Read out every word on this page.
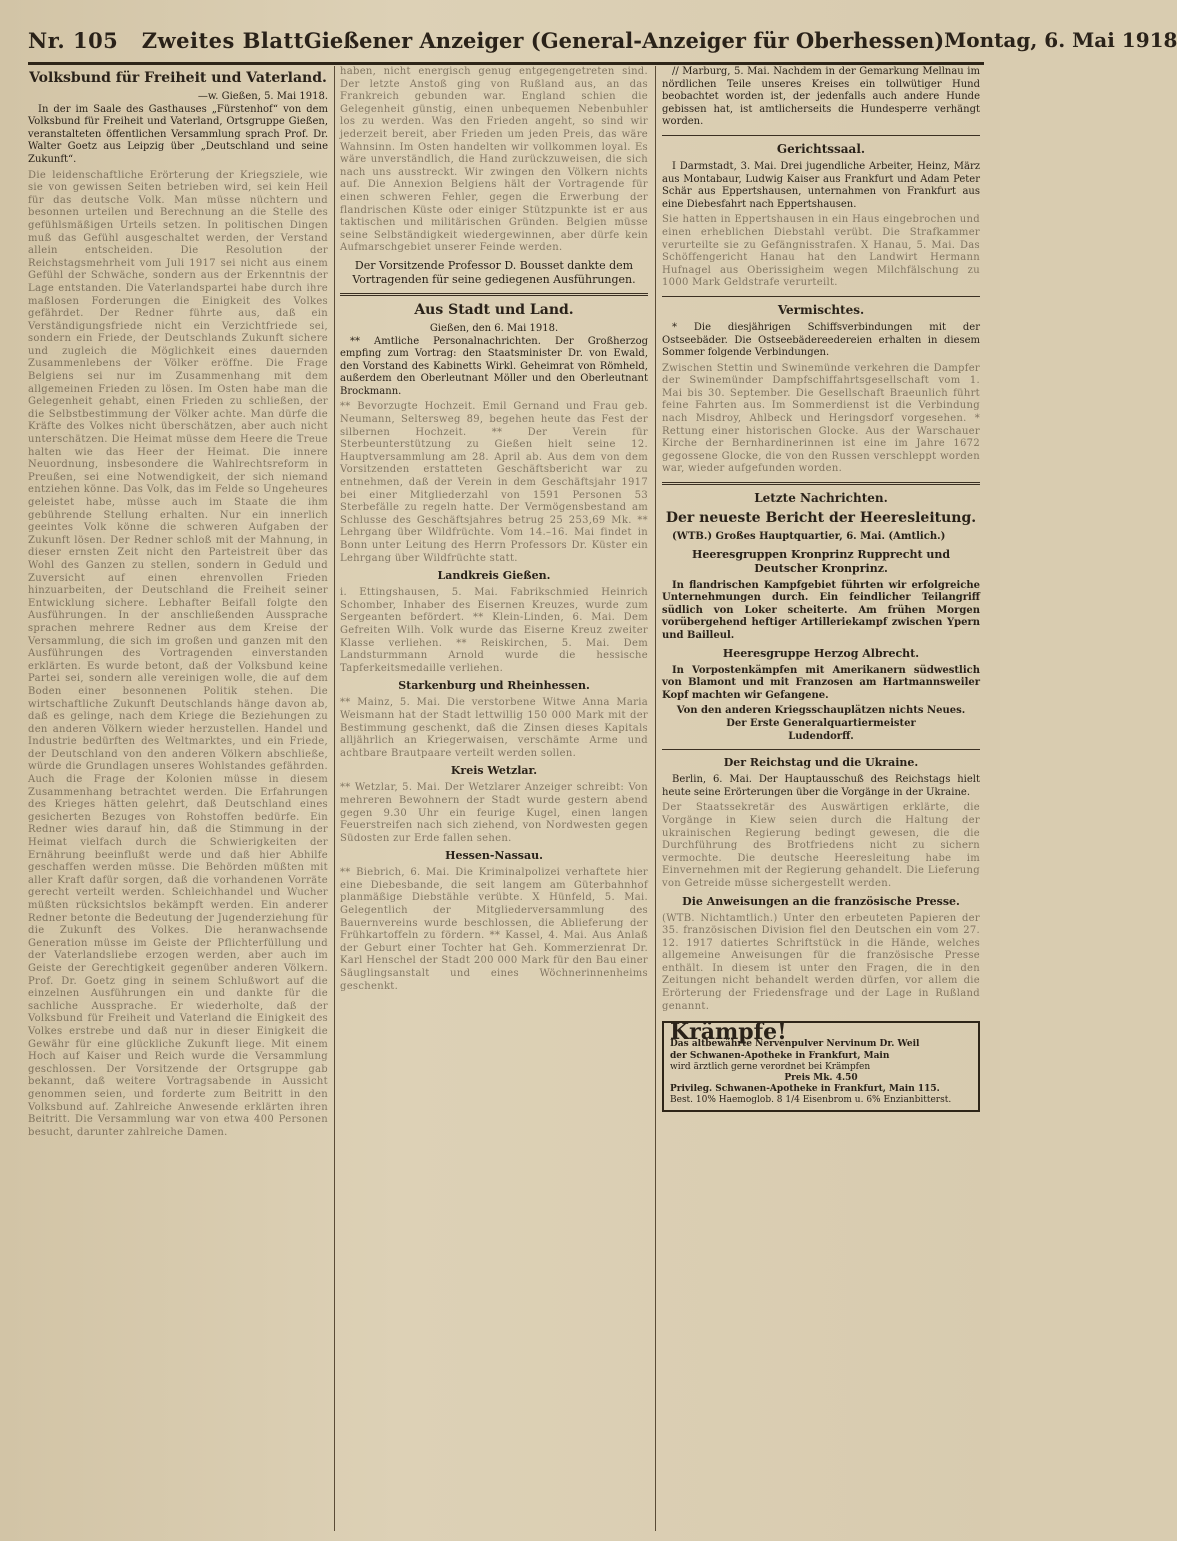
Nr. 105 Zweites Blatt Gießener Anzeiger (General-Anzeiger für Oberhessen) Montag, 6. Mai 1918
Volksbund für Freiheit und Vaterland.
—w. Gießen, 5. Mai 1918.

In der im Saale des Gasthauses „Fürstenhof“ von dem Volksbund für Freiheit und Vaterland, Ortsgruppe Gießen, veranstalteten öffentlichen Versammlung sprach Prof. Dr. Walter Goetz aus Leipzig über „Deutschland und seine Zukunft“.

Die leidenschaftliche Erörterung der Kriegsziele, wie sie von gewissen Seiten betrieben wird, sei kein Heil für das deutsche Volk. Man müsse nüchtern und besonnen urteilen und Berechnung an die Stelle des gefühlsmäßigen Urteils setzen. In politischen Dingen muß das Gefühl ausgeschaltet werden, der Verstand allein entscheiden. Die Resolution der Reichstagsmehrheit vom Juli 1917 sei nicht aus einem Gefühl der Schwäche, sondern aus der Erkenntnis der Lage entstanden. Die Vaterlandspartei habe durch ihre maßlosen Forderungen die Einigkeit des Volkes gefährdet. Der Redner führte aus, daß ein Verständigungsfriede nicht ein Verzichtfriede sei, sondern ein Friede, der Deutschlands Zukunft sichere und zugleich die Möglichkeit eines dauernden Zusammenlebens der Völker eröffne. Die Frage Belgiens sei nur im Zusammenhang mit dem allgemeinen Frieden zu lösen. Im Osten habe man die Gelegenheit gehabt, einen Frieden zu schließen, der die Selbstbestimmung der Völker achte. Man dürfe die Kräfte des Volkes nicht überschätzen, aber auch nicht unterschätzen. Die Heimat müsse dem Heere die Treue halten wie das Heer der Heimat. Die innere Neuordnung, insbesondere die Wahlrechtsreform in Preußen, sei eine Notwendigkeit, der sich niemand entziehen könne. Das Volk, das im Felde so Ungeheures geleistet habe, müsse auch im Staate die ihm gebührende Stellung erhalten. Nur ein innerlich geeintes Volk könne die schweren Aufgaben der Zukunft lösen. Der Redner schloß mit der Mahnung, in dieser ernsten Zeit nicht den Parteistreit über das Wohl des Ganzen zu stellen, sondern in Geduld und Zuversicht auf einen ehrenvollen Frieden hinzuarbeiten, der Deutschland die Freiheit seiner Entwicklung sichere. Lebhafter Beifall folgte den Ausführungen. In der anschließenden Aussprache sprachen mehrere Redner aus dem Kreise der Versammlung, die sich im großen und ganzen mit den Ausführungen des Vortragenden einverstanden erklärten. Es wurde betont, daß der Volksbund keine Partei sei, sondern alle vereinigen wolle, die auf dem Boden einer besonnenen Politik stehen. Die wirtschaftliche Zukunft Deutschlands hänge davon ab, daß es gelinge, nach dem Kriege die Beziehungen zu den anderen Völkern wieder herzustellen. Handel und Industrie bedürften des Weltmarktes, und ein Friede, der Deutschland von den anderen Völkern abschließe, würde die Grundlagen unseres Wohlstandes gefährden. Auch die Frage der Kolonien müsse in diesem Zusammenhang betrachtet werden. Die Erfahrungen des Krieges hätten gelehrt, daß Deutschland eines gesicherten Bezuges von Rohstoffen bedürfe. Ein Redner wies darauf hin, daß die Stimmung in der Heimat vielfach durch die Schwierigkeiten der Ernährung beeinflußt werde und daß hier Abhilfe geschaffen werden müsse. Die Behörden müßten mit aller Kraft dafür sorgen, daß die vorhandenen Vorräte gerecht verteilt werden. Schleichhandel und Wucher müßten rücksichtslos bekämpft werden. Ein anderer Redner betonte die Bedeutung der Jugenderziehung für die Zukunft des Volkes. Die heranwachsende Generation müsse im Geiste der Pflichterfüllung und der Vaterlandsliebe erzogen werden, aber auch im Geiste der Gerechtigkeit gegenüber anderen Völkern. Prof. Dr. Goetz ging in seinem Schlußwort auf die einzelnen Ausführungen ein und dankte für die sachliche Aussprache. Er wiederholte, daß der Volksbund für Freiheit und Vaterland die Einigkeit des Volkes erstrebe und daß nur in dieser Einigkeit die Gewähr für eine glückliche Zukunft liege. Mit einem Hoch auf Kaiser und Reich wurde die Versammlung geschlossen. Der Vorsitzende der Ortsgruppe gab bekannt, daß weitere Vortragsabende in Aussicht genommen seien, und forderte zum Beitritt in den Volksbund auf. Zahlreiche Anwesende erklärten ihren Beitritt. Die Versammlung war von etwa 400 Personen besucht, darunter zahlreiche Damen.
haben, nicht energisch genug entgegengetreten sind. Der letzte Anstoß ging von Rußland aus, an das Frankreich gebunden war. England schien die Gelegenheit günstig, einen unbequemen Nebenbuhler los zu werden. Was den Frieden angeht, so sind wir jederzeit bereit, aber Frieden um jeden Preis, das wäre Wahnsinn. Im Osten handelten wir vollkommen loyal. Es wäre unverständlich, die Hand zurückzuweisen, die sich nach uns ausstreckt. Wir zwingen den Völkern nichts auf. Die Annexion Belgiens hält der Vortragende für einen schweren Fehler, gegen die Erwerbung der flandrischen Küste oder einiger Stützpunkte ist er aus taktischen und militärischen Gründen. Belgien müsse seine Selbständigkeit wiedergewinnen, aber dürfe kein Aufmarschgebiet unserer Feinde werden.
Der Vorsitzende Professor D. Bousset dankte dem Vortragenden für seine gediegenen Ausführungen.
Aus Stadt und Land.
Gießen, den 6. Mai 1918.

** Amtliche Personalnachrichten. Der Großherzog empfing zum Vortrag: den Staatsminister Dr. von Ewald, den Vorstand des Kabinetts Wirkl. Geheimrat von Römheld, außerdem den Oberleutnant Möller und den Oberleutnant Brockmann.

** Bevorzugte Hochzeit. Emil Gernand und Frau geb. Neumann, Seltersweg 89, begehen heute das Fest der silbernen Hochzeit. ** Der Verein für Sterbeunterstützung zu Gießen hielt seine 12. Hauptversammlung am 28. April ab. Aus dem von dem Vorsitzenden erstatteten Geschäftsbericht war zu entnehmen, daß der Verein in dem Geschäftsjahr 1917 bei einer Mitgliederzahl von 1591 Personen 53 Sterbefälle zu regeln hatte. Der Vermögensbestand am Schlusse des Geschäftsjahres betrug 25 253,69 Mk. ** Lehrgang über Wildfrüchte. Vom 14.–16. Mai findet in Bonn unter Leitung des Herrn Professors Dr. Küster ein Lehrgang über Wildfrüchte statt.
Landkreis Gießen.
i. Ettingshausen, 5. Mai. Fabrikschmied Heinrich Schomber, Inhaber des Eisernen Kreuzes, wurde zum Sergeanten befördert. ** Klein-Linden, 6. Mai. Dem Gefreiten Wilh. Volk wurde das Eiserne Kreuz zweiter Klasse verliehen. ** Reiskirchen, 5. Mai. Dem Landsturmmann Arnold wurde die hessische Tapferkeitsmedaille verliehen.
Starkenburg und Rheinhessen.
** Mainz, 5. Mai. Die verstorbene Witwe Anna Maria Weismann hat der Stadt lettwillig 150 000 Mark mit der Bestimmung geschenkt, daß die Zinsen dieses Kapitals alljährlich an Kriegerwaisen, verschämte Arme und achtbare Brautpaare verteilt werden sollen.
Kreis Wetzlar.
** Wetzlar, 5. Mai. Der Wetzlarer Anzeiger schreibt: Von mehreren Bewohnern der Stadt wurde gestern abend gegen 9.30 Uhr ein feurige Kugel, einen langen Feuerstreifen nach sich ziehend, von Nordwesten gegen Südosten zur Erde fallen sehen.
Hessen-Nassau.
** Biebrich, 6. Mai. Die Kriminalpolizei verhaftete hier eine Diebesbande, die seit langem am Güterbahnhof planmäßige Diebstähle verübte. X Hünfeld, 5. Mai. Gelegentlich der Mitgliederversammlung des Bauernvereins wurde beschlossen, die Ablieferung der Frühkartoffeln zu fördern. ** Kassel, 4. Mai. Aus Anlaß der Geburt einer Tochter hat Geh. Kommerzienrat Dr. Karl Henschel der Stadt 200 000 Mark für den Bau einer Säuglingsanstalt und eines Wöchnerinnenheims geschenkt.

// Marburg, 5. Mai. Nachdem in der Gemarkung Mellnau im nördlichen Teile unseres Kreises ein tollwütiger Hund beobachtet worden ist, der jedenfalls auch andere Hunde gebissen hat, ist amtlicherseits die Hundesperre verhängt worden.

Gerichtssaal.

I Darmstadt, 3. Mai. Drei jugendliche Arbeiter, Heinz, März aus Montabaur, Ludwig Kaiser aus Frankfurt und Adam Peter Schär aus Eppertshausen, unternahmen von Frankfurt aus eine Diebesfahrt nach Eppertshausen.

Sie hatten in Eppertshausen in ein Haus eingebrochen und einen erheblichen Diebstahl verübt. Die Strafkammer verurteilte sie zu Gefängnisstrafen. X Hanau, 5. Mai. Das Schöffengericht Hanau hat den Landwirt Hermann Hufnagel aus Oberissigheim wegen Milchfälschung zu 1000 Mark Geldstrafe verurteilt.
Vermischtes.

* Die diesjährigen Schiffsverbindungen mit der Ostseebäder. Die Ostseebädereedereien erhalten in diesem Sommer folgende Verbindungen.

Zwischen Stettin und Swinemünde verkehren die Dampfer der Swinemünder Dampfschiffahrtsgesellschaft vom 1. Mai bis 30. September. Die Gesellschaft Braeunlich führt feine Fahrten aus. Im Sommerdienst ist die Verbindung nach Misdroy, Ahlbeck und Heringsdorf vorgesehen. * Rettung einer historischen Glocke. Aus der Warschauer Kirche der Bernhardinerinnen ist eine im Jahre 1672 gegossene Glocke, die von den Russen verschleppt worden war, wieder aufgefunden worden.
Letzte Nachrichten.
Der neueste Bericht der Heeresleitung.

(WTB.) Großes Hauptquartier, 6. Mai. (Amtlich.)

Heeresgruppen Kronprinz Rupprecht und Deutscher Kronprinz.

In flandrischen Kampfgebiet führten wir erfolgreiche Unternehmungen durch. Ein feindlicher Teilangriff südlich von Loker scheiterte. Am frühen Morgen vorübergehend heftiger Artilleriekampf zwischen Ypern und Bailleul.

Heeresgruppe Herzog Albrecht.

In Vorpostenkämpfen mit Amerikanern südwestlich von Blamont und mit Franzosen am Hartmannsweiler Kopf machten wir Gefangene.

Von den anderen Kriegsschauplätzen nichts Neues.
Der Erste Generalquartiermeister
Ludendorff.
Der Reichstag und die Ukraine.

Berlin, 6. Mai. Der Hauptausschuß des Reichstags hielt heute seine Erörterungen über die Vorgänge in der Ukraine.

Der Staatssekretär des Auswärtigen erklärte, die Vorgänge in Kiew seien durch die Haltung der ukrainischen Regierung bedingt gewesen, die die Durchführung des Brotfriedens nicht zu sichern vermochte. Die deutsche Heeresleitung habe im Einvernehmen mit der Regierung gehandelt. Die Lieferung von Getreide müsse sichergestellt werden.
Die Anweisungen an die französische Presse.
(WTB. Nichtamtlich.) Unter den erbeuteten Papieren der 35. französischen Division fiel den Deutschen ein vom 27. 12. 1917 datiertes Schriftstück in die Hände, welches allgemeine Anweisungen für die französische Presse enthält. In diesem ist unter den Fragen, die in den Zeitungen nicht behandelt werden dürfen, vor allem die Erörterung der Friedensfrage und der Lage in Rußland genannt.
Krämpfe! Das altbewährte Nervenpulver Nervinum Dr. Weil
der Schwanen-Apotheke in Frankfurt, Main
wird ärztlich gerne verordnet bei Krämpfen
Preis Mk. 4.50
Privileg. Schwanen-Apotheke in Frankfurt, Main 115.
Best. 10% Haemoglob. 8 1/4 Eisenbrom u. 6% Enzianbitterst.
